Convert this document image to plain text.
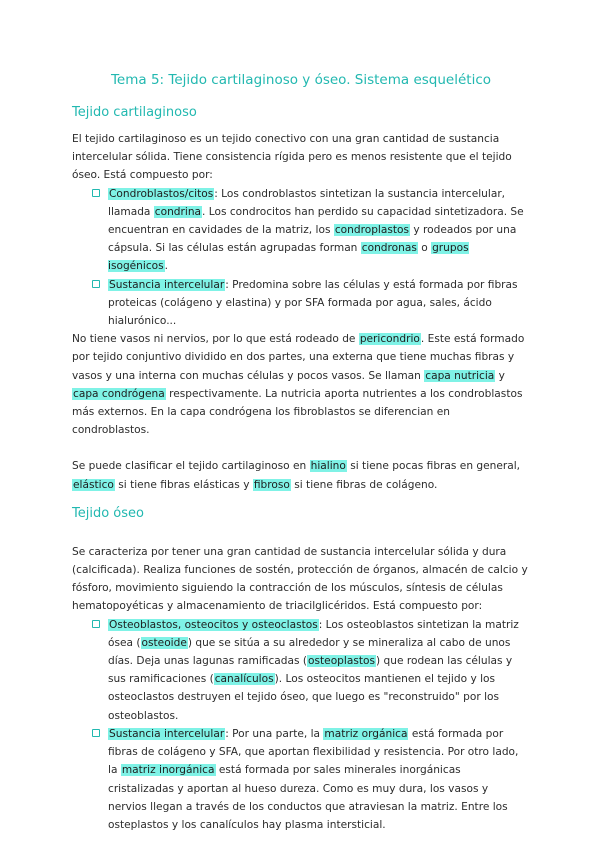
Tema 5: Tejido cartilaginoso y óseo. Sistema esquelético
Tejido cartilaginoso

El tejido cartilaginoso es un tejido conectivo con una gran cantidad de sustancia intercelular sólida. Tiene consistencia rígida pero es menos resistente que el tejido óseo. Está compuesto por:

Condroblastos/citos: Los condroblastos sintetizan la sustancia intercelular, llamada condrina. Los condrocitos han perdido su capacidad sintetizadora. Se encuentran en cavidades de la matriz, los condroplastos y rodeados por una cápsula. Si las células están agrupadas forman condronas o grupos isogénicos.
Sustancia intercelular: Predomina sobre las células y está formada por fibras proteicas (colágeno y elastina) y por SFA formada por agua, sales, ácido hialurónico...

No tiene vasos ni nervios, por lo que está rodeado de pericondrio. Este está formado por tejido conjuntivo dividido en dos partes, una externa que tiene muchas fibras y vasos y una interna con muchas células y pocos vasos. Se llaman capa nutricia y capa condrógena respectivamente. La nutricia aporta nutrientes a los condroblastos más externos. En la capa condrógena los fibroblastos se diferencian en condroblastos.

Se puede clasificar el tejido cartilaginoso en hialino si tiene pocas fibras en general, elástico si tiene fibras elásticas y fibroso si tiene fibras de colágeno.

Tejido óseo

Se caracteriza por tener una gran cantidad de sustancia intercelular sólida y dura (calcificada). Realiza funciones de sostén, protección de órganos, almacén de calcio y fósforo, movimiento siguiendo la contracción de los músculos, síntesis de células hematopoyéticas y almacenamiento de triacilglicéridos. Está compuesto por:

Osteoblastos, osteocitos y osteoclastos: Los osteoblastos sintetizan la matriz ósea (osteoide) que se sitúa a su alrededor y se mineraliza al cabo de unos días. Deja unas lagunas ramificadas (osteoplastos) que rodean las células y sus ramificaciones (canalículos). Los osteocitos mantienen el tejido y los osteoclastos destruyen el tejido óseo, que luego es "reconstruido" por los osteoblastos.
Sustancia intercelular: Por una parte, la matriz orgánica está formada por fibras de colágeno y SFA, que aportan flexibilidad y resistencia. Por otro lado, la matriz inorgánica está formada por sales minerales inorgánicas cristalizadas y aportan al hueso dureza. Como es muy dura, los vasos y nervios llegan a través de los conductos que atraviesan la matriz. Entre los osteplastos y los canalículos hay plasma intersticial.
